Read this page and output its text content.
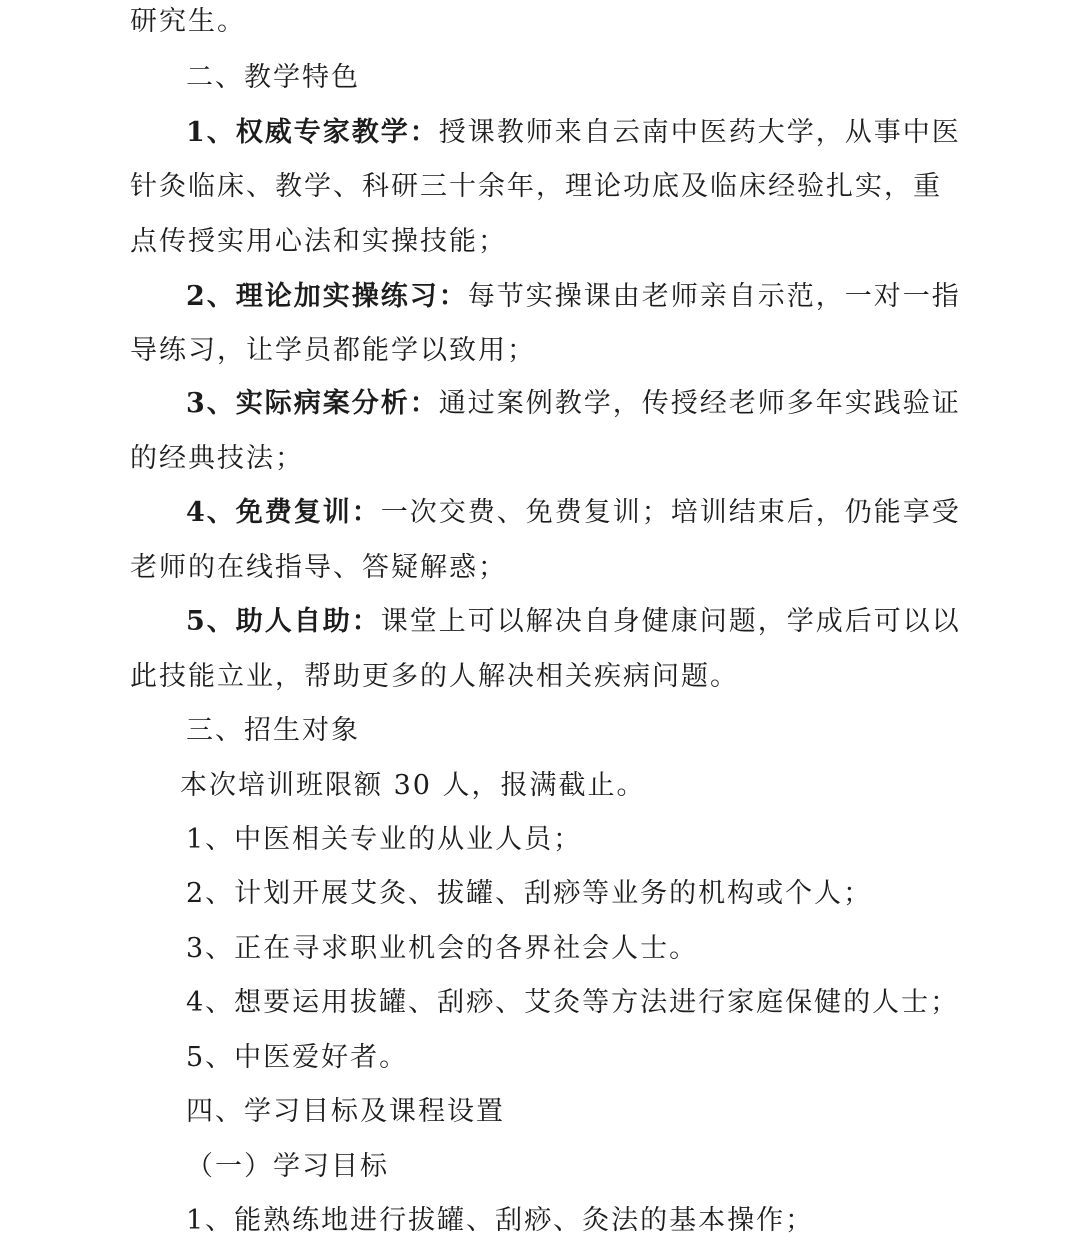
研究生。
二、教学特色
1、权威专家教学：授课教师来自云南中医药大学，从事中医
针灸临床、教学、科研三十余年，理论功底及临床经验扎实，重
点传授实用心法和实操技能；
2、理论加实操练习：每节实操课由老师亲自示范，一对一指
导练习，让学员都能学以致用；
3、实际病案分析：通过案例教学，传授经老师多年实践验证
的经典技法；
4、免费复训：一次交费、免费复训；培训结束后，仍能享受
老师的在线指导、答疑解惑；
5、助人自助：课堂上可以解决自身健康问题，学成后可以以
此技能立业，帮助更多的人解决相关疾病问题。
三、招生对象
本次培训班限额 30 人，报满截止。
1、中医相关专业的从业人员；
2、计划开展艾灸、拔罐、刮痧等业务的机构或个人；
3、正在寻求职业机会的各界社会人士。
4、想要运用拔罐、刮痧、艾灸等方法进行家庭保健的人士；
5、中医爱好者。
四、学习目标及课程设置
（一）学习目标
1、能熟练地进行拔罐、刮痧、灸法的基本操作；
